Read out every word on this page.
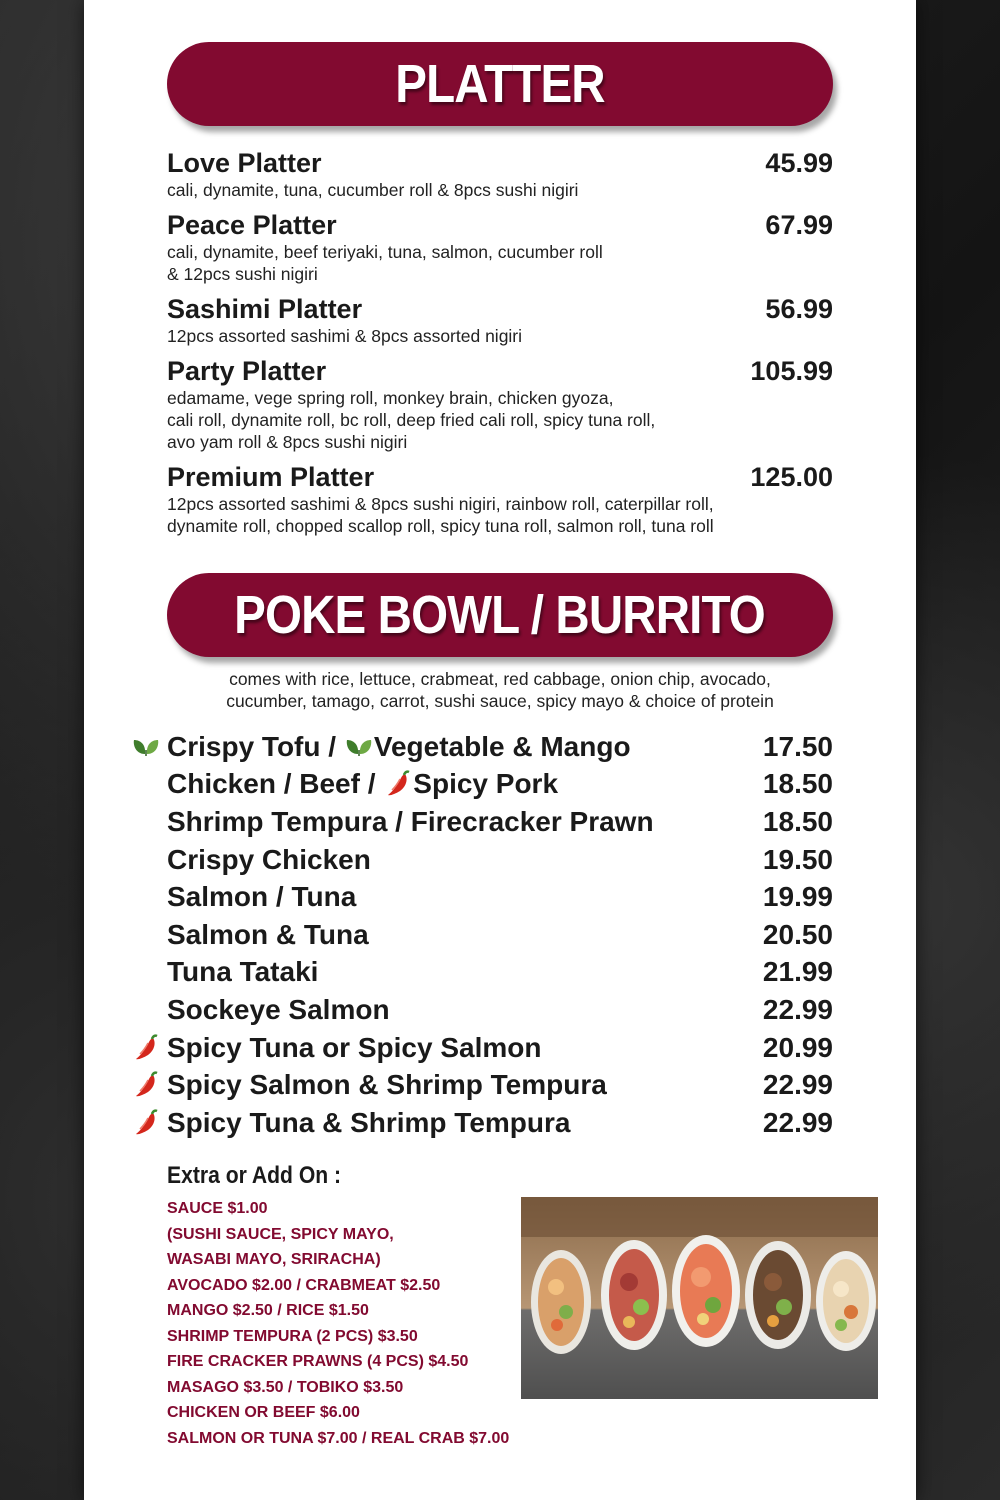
PLATTER
Love Platter	45.99
cali, dynamite, tuna, cucumber roll & 8pcs sushi nigiri
Peace Platter	67.99
cali, dynamite, beef teriyaki, tuna, salmon, cucumber roll
& 12pcs sushi nigiri
Sashimi Platter	56.99
12pcs assorted sashimi & 8pcs assorted nigiri
Party Platter	105.99
edamame, vege spring roll, monkey brain, chicken gyoza,
cali roll, dynamite roll, bc roll, deep fried cali roll, spicy tuna roll,
avo yam roll & 8pcs sushi nigiri
Premium Platter	125.00
12pcs assorted sashimi & 8pcs sushi nigiri, rainbow roll, caterpillar roll,
dynamite roll, chopped scallop roll, spicy tuna roll, salmon roll, tuna roll
POKE BOWL / BURRITO
comes with rice, lettuce, crabmeat, red cabbage, onion chip, avocado,
cucumber, tamago, carrot, sushi sauce, spicy mayo & choice of protein
Crispy Tofu / Vegetable & Mango	17.50
Chicken / Beef / Spicy Pork	18.50
Shrimp Tempura / Firecracker Prawn	18.50
Crispy Chicken	19.50
Salmon / Tuna	19.99
Salmon & Tuna	20.50
Tuna Tataki	21.99
Sockeye Salmon	22.99
Spicy Tuna or Spicy Salmon	20.99
Spicy Salmon & Shrimp Tempura	22.99
Spicy Tuna & Shrimp Tempura	22.99
Extra or Add On :
SAUCE $1.00
(SUSHI SAUCE, SPICY MAYO,
WASABI MAYO, SRIRACHA)
AVOCADO $2.00 / CRABMEAT $2.50
MANGO $2.50 / RICE $1.50
SHRIMP TEMPURA (2 PCS) $3.50
FIRE CRACKER PRAWNS (4 PCS) $4.50
MASAGO $3.50 / TOBIKO $3.50
CHICKEN OR BEEF $6.00
SALMON OR TUNA $7.00 / REAL CRAB $7.00
